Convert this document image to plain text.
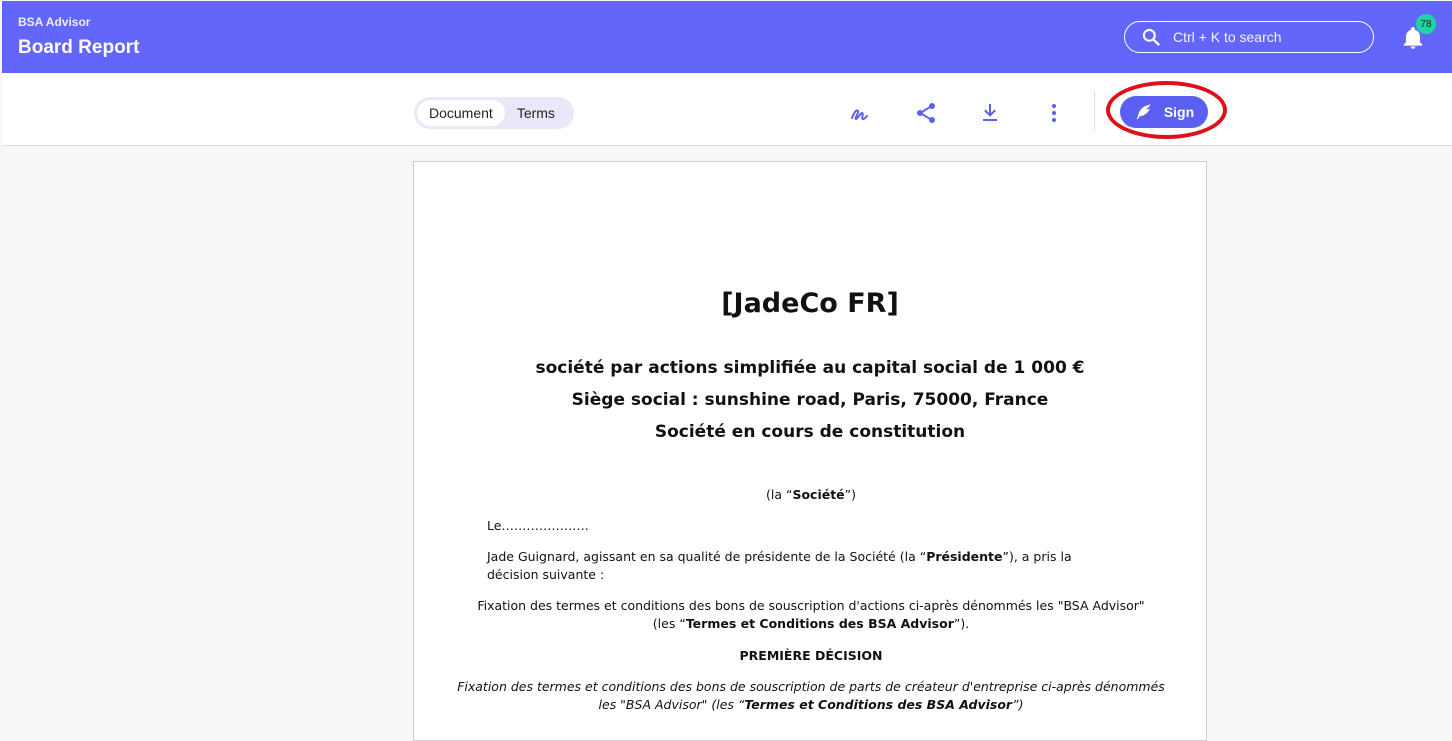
BSA Advisor
Board Report	Ctrl + K to search
78
Document	Terms	Sign
[JadeCo FR]
société par actions simplifiée au capital social de 1 000 €
Siège social : sunshine road, Paris, 75000, France
Société en cours de constitution
(la “Société”)
Le…………………
Jade Guignard, agissant en sa qualité de présidente de la Société (la “Présidente”), a pris la décision suivante :
Fixation des termes et conditions des bons de souscription d'actions ci-après dénommés les "BSA Advisor"
(les “Termes et Conditions des BSA Advisor”).
PREMIÈRE DÉCISION
Fixation des termes et conditions des bons de souscription de parts de créateur d'entreprise ci-après dénommés
les "BSA Advisor" (les “Termes et Conditions des BSA Advisor”)
